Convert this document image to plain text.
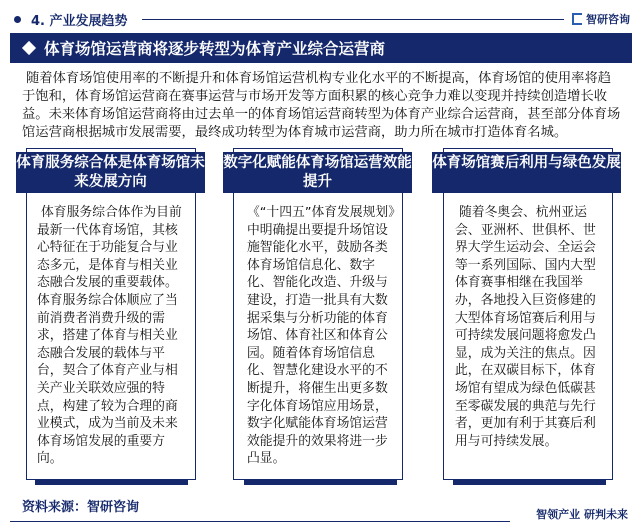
4. 产业发展趋势	智研咨询
体育场馆运营商将逐步转型为体育产业综合运营商

随着体育场馆使用率的不断提升和体育场馆运营机构专业化水平的不断提高，体育场馆的使用率将趋于饱和，体育场馆运营商在赛事运营与市场开发等方面积累的核心竞争力难以变现并持续创造增长收益。未来体育场馆运营商将由过去单一的体育场馆运营商转型为体育产业综合运营商，甚至部分体育场馆运营商根据城市发展需要，最终成功转型为体育城市运营商，助力所在城市打造体育名城。

体育服务综合体是体育场馆未来发展方向
数字化赋能体育场馆运营效能提升
体育场馆赛后利用与绿色发展

体育服务综合体作为目前最新一代体育场馆，其核心特征在于功能复合与业态多元，是体育与相关业态融合发展的重要载体。体育服务综合体顺应了当前消费者消费升级的需求，搭建了体育与相关业态融合发展的载体与平台，契合了体育产业与相关产业关联效应强的特点，构建了较为合理的商业模式，成为当前及未来体育场馆发展的重要方向。

《“十四五”体育发展规划》中明确提出要提升场馆设施智能化水平，鼓励各类体育场馆信息化、数字化、智能化改造、升级与建设，打造一批具有大数据采集与分析功能的体育场馆、体育社区和体育公园。随着体育场馆信息化、智慧化建设水平的不断提升，将催生出更多数字化体育场馆应用场景，数字化赋能体育场馆运营效能提升的效果将进一步凸显。

随着冬奥会、杭州亚运会、亚洲杯、世俱杯、世界大学生运动会、全运会等一系列国际、国内大型体育赛事相继在我国举办，各地投入巨资修建的大型体育场馆赛后利用与可持续发展问题将愈发凸显，成为关注的焦点。因此，在双碳目标下，体育场馆有望成为绿色低碳甚至零碳发展的典范与先行者，更加有利于其赛后利用与可持续发展。

资料来源：智研咨询	智领产业 研判未来
